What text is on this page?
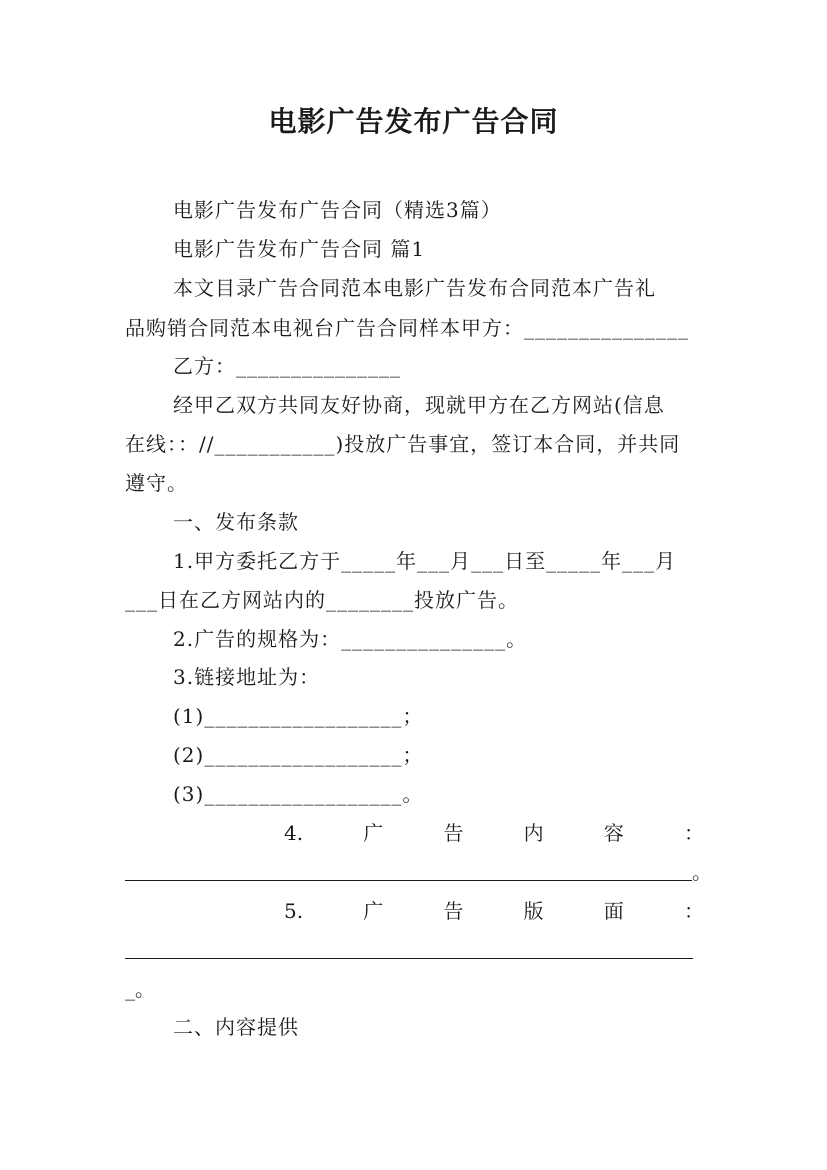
电影广告发布广告合同
电影广告发布广告合同（精选3篇）
电影广告发布广告合同 篇1
本文目录广告合同范本电影广告发布合同范本广告礼
品购销合同范本电视台广告合同样本甲方：_______________
乙方：_______________
经甲乙双方共同友好协商，现就甲方在乙方网站(信息
在线：：//___________)投放广告事宜，签订本合同，并共同
遵守。
一、发布条款
1.甲方委托乙方于_____年___月___日至_____年___月
___日在乙方网站内的________投放广告。
2.广告的规格为：_______________。
3.链接地址为：
(1)__________________；
(2)__________________；
(3)__________________。
4.	广	告	内	容	：
。
5.	广	告	版	面	：
_。
二、内容提供
